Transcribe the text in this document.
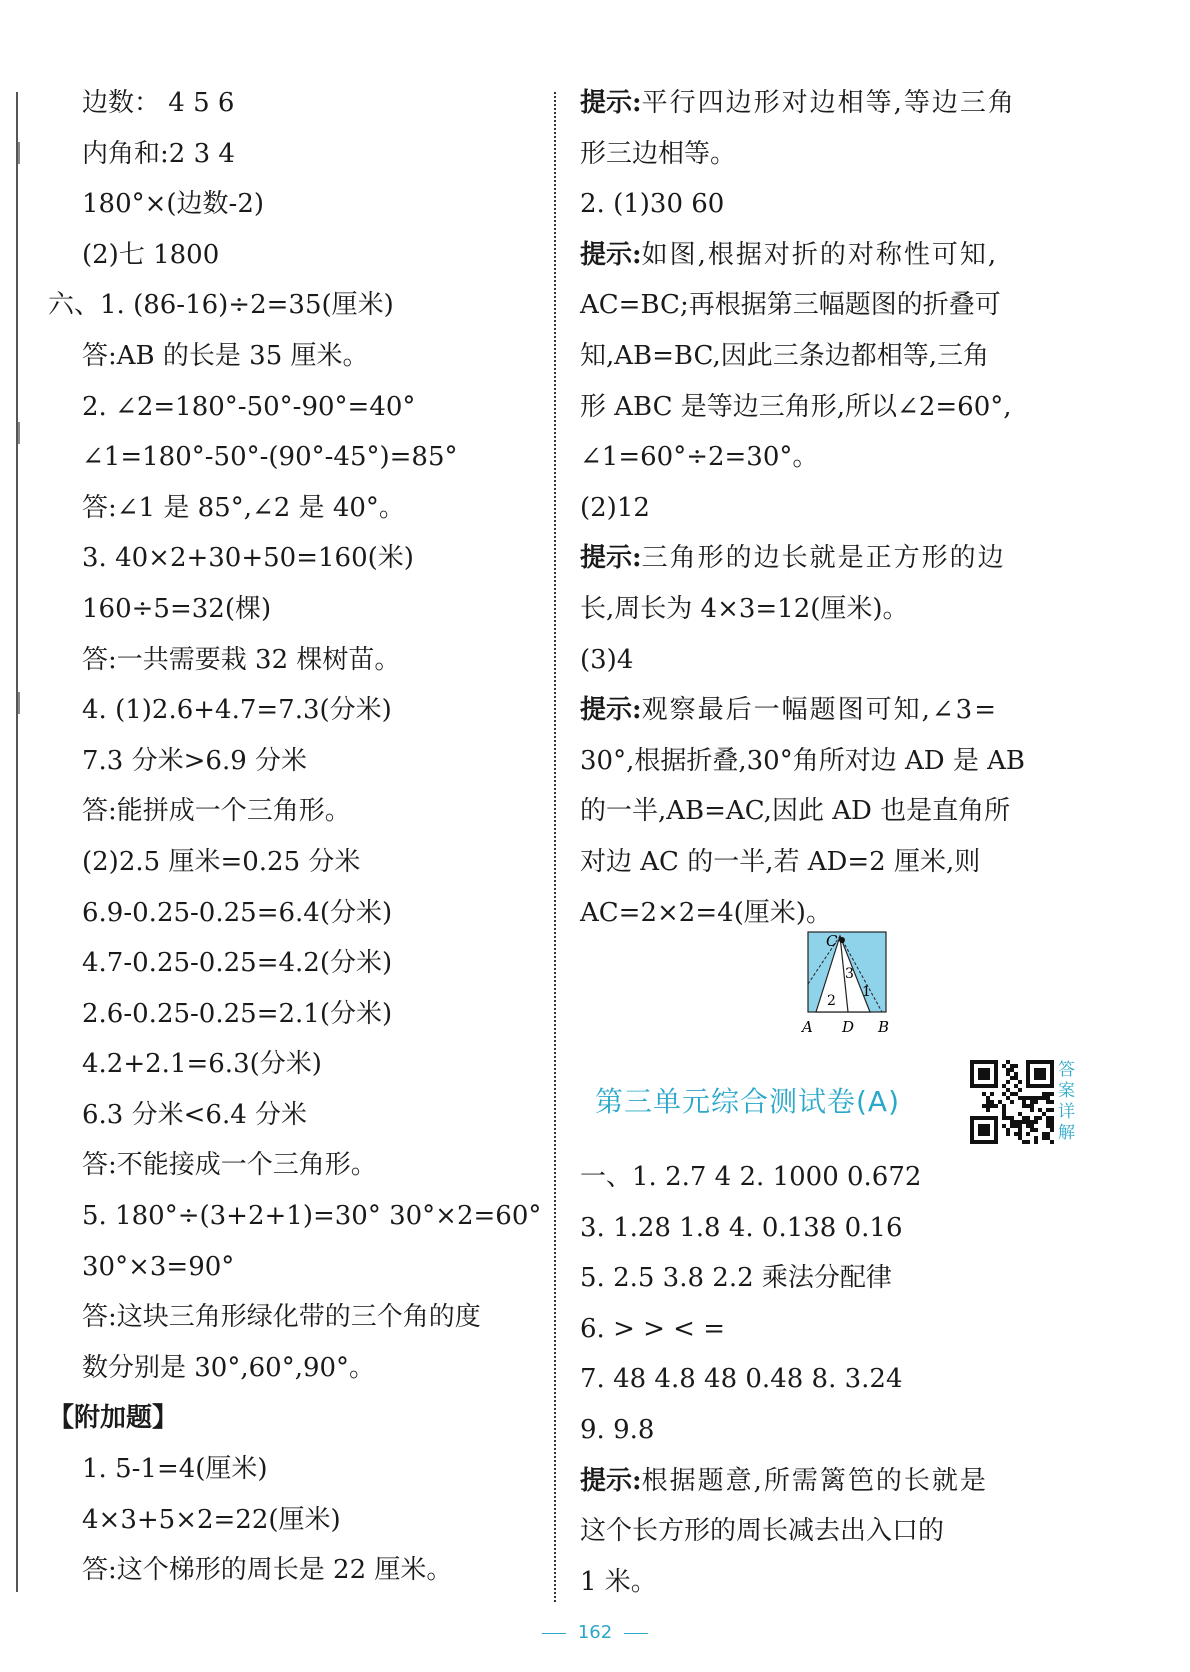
边数： 4 5 6
内角和:2 3 4
180°×(边数-2)
(2)七 1800
六、1. (86-16)÷2=35(厘米)
答:AB 的长是 35 厘米。
2. ∠2=180°-50°-90°=40°
∠1=180°-50°-(90°-45°)=85°
答:∠1 是 85°,∠2 是 40°。
3. 40×2+30+50=160(米)
160÷5=32(棵)
答:一共需要栽 32 棵树苗。
4. (1)2.6+4.7=7.3(分米)
7.3 分米>6.9 分米
答:能拼成一个三角形。
(2)2.5 厘米=0.25 分米
6.9-0.25-0.25=6.4(分米)
4.7-0.25-0.25=4.2(分米)
2.6-0.25-0.25=2.1(分米)
4.2+2.1=6.3(分米)
6.3 分米<6.4 分米
答:不能接成一个三角形。
5. 180°÷(3+2+1)=30° 30°×2=60°
30°×3=90°
答:这块三角形绿化带的三个角的度
数分别是 30°,60°,90°。
【附加题】
1. 5-1=4(厘米)
4×3+5×2=22(厘米)
答:这个梯形的周长是 22 厘米。
提示:平行四边形对边相等,等边三角
形三边相等。
2. (1)30 60
提示:如图,根据对折的对称性可知,
AC=BC;再根据第三幅题图的折叠可
知,AB=BC,因此三条边都相等,三角
形 ABC 是等边三角形,所以∠2=60°,
∠1=60°÷2=30°。
(2)12
提示:三角形的边长就是正方形的边
长,周长为 4×3=12(厘米)。
(3)4
提示:观察最后一幅题图可知,∠3=
30°,根据折叠,30°角所对边 AD 是 AB
的一半,AB=AC,因此 AD 也是直角所
对边 AC 的一半,若 AD=2 厘米,则
AC=2×2=4(厘米)。
C
3
2
1
A D B
第三单元综合测试卷(A)
答
案
详
解
一、1. 2.7 4 2. 1000 0.672
3. 1.28 1.8 4. 0.138 0.16
5. 2.5 3.8 2.2 乘法分配律
6. > > < =
7. 48 4.8 48 0.48 8. 3.24
9. 9.8
提示:根据题意,所需篱笆的长就是
这个长方形的周长减去出入口的
1 米。
162
